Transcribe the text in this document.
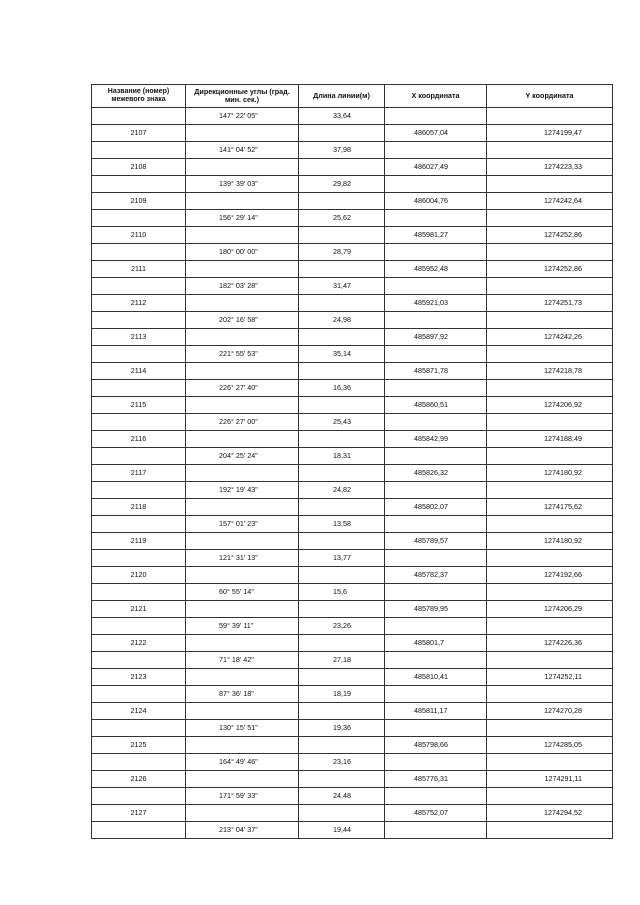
Название (номер) межевого знака	Дирекционные углы (град. мин. сек.)	Длина линии(м)	X координата	Y координата
	147° 22' 05"	33,64		
2107			486057,04	1274199,47
	141° 04' 52"	37,98		
2108			486027,49	1274223,33
	139° 39' 03"	29,82		
2109			486004,76	1274242,64
	156° 29' 14"	25,62		
2110			485981,27	1274252,86
	180° 00' 00"	28,79		
2111			485952,48	1274252,86
	182° 03' 28"	31,47		
2112			485921,03	1274251,73
	202° 16' 58"	24,98		
2113			485897,92	1274242,26
	221° 55' 53"	35,14		
2114			485871,78	1274218,78
	226° 27' 40"	16,36		
2115			485860,51	1274206,92
	226° 27' 00"	25,43		
2116			485842,99	1274188,49
	204° 25' 24"	18,31		
2117			485826,32	1274180,92
	192° 19' 43"	24,82		
2118			485802,07	1274175,62
	157° 01' 23"	13,58		
2119			485789,57	1274180,92
	121° 31' 13"	13,77		
2120			485782,37	1274192,66
	60° 55' 14"	15,6		
2121			485789,95	1274206,29
	59° 39' 11"	23,26		
2122			485801,7	1274226,36
	71° 18' 42"	27,18		
2123			485810,41	1274252,11
	87° 36' 18"	18,19		
2124			485811,17	1274270,28
	130° 15' 51"	19,36		
2125			485798,66	1274285,05
	164° 49' 46"	23,16		
2126			485776,31	1274291,11
	171° 59' 33"	24,48		
2127			485752,07	1274294,52
	213° 04' 37"	19,44		
